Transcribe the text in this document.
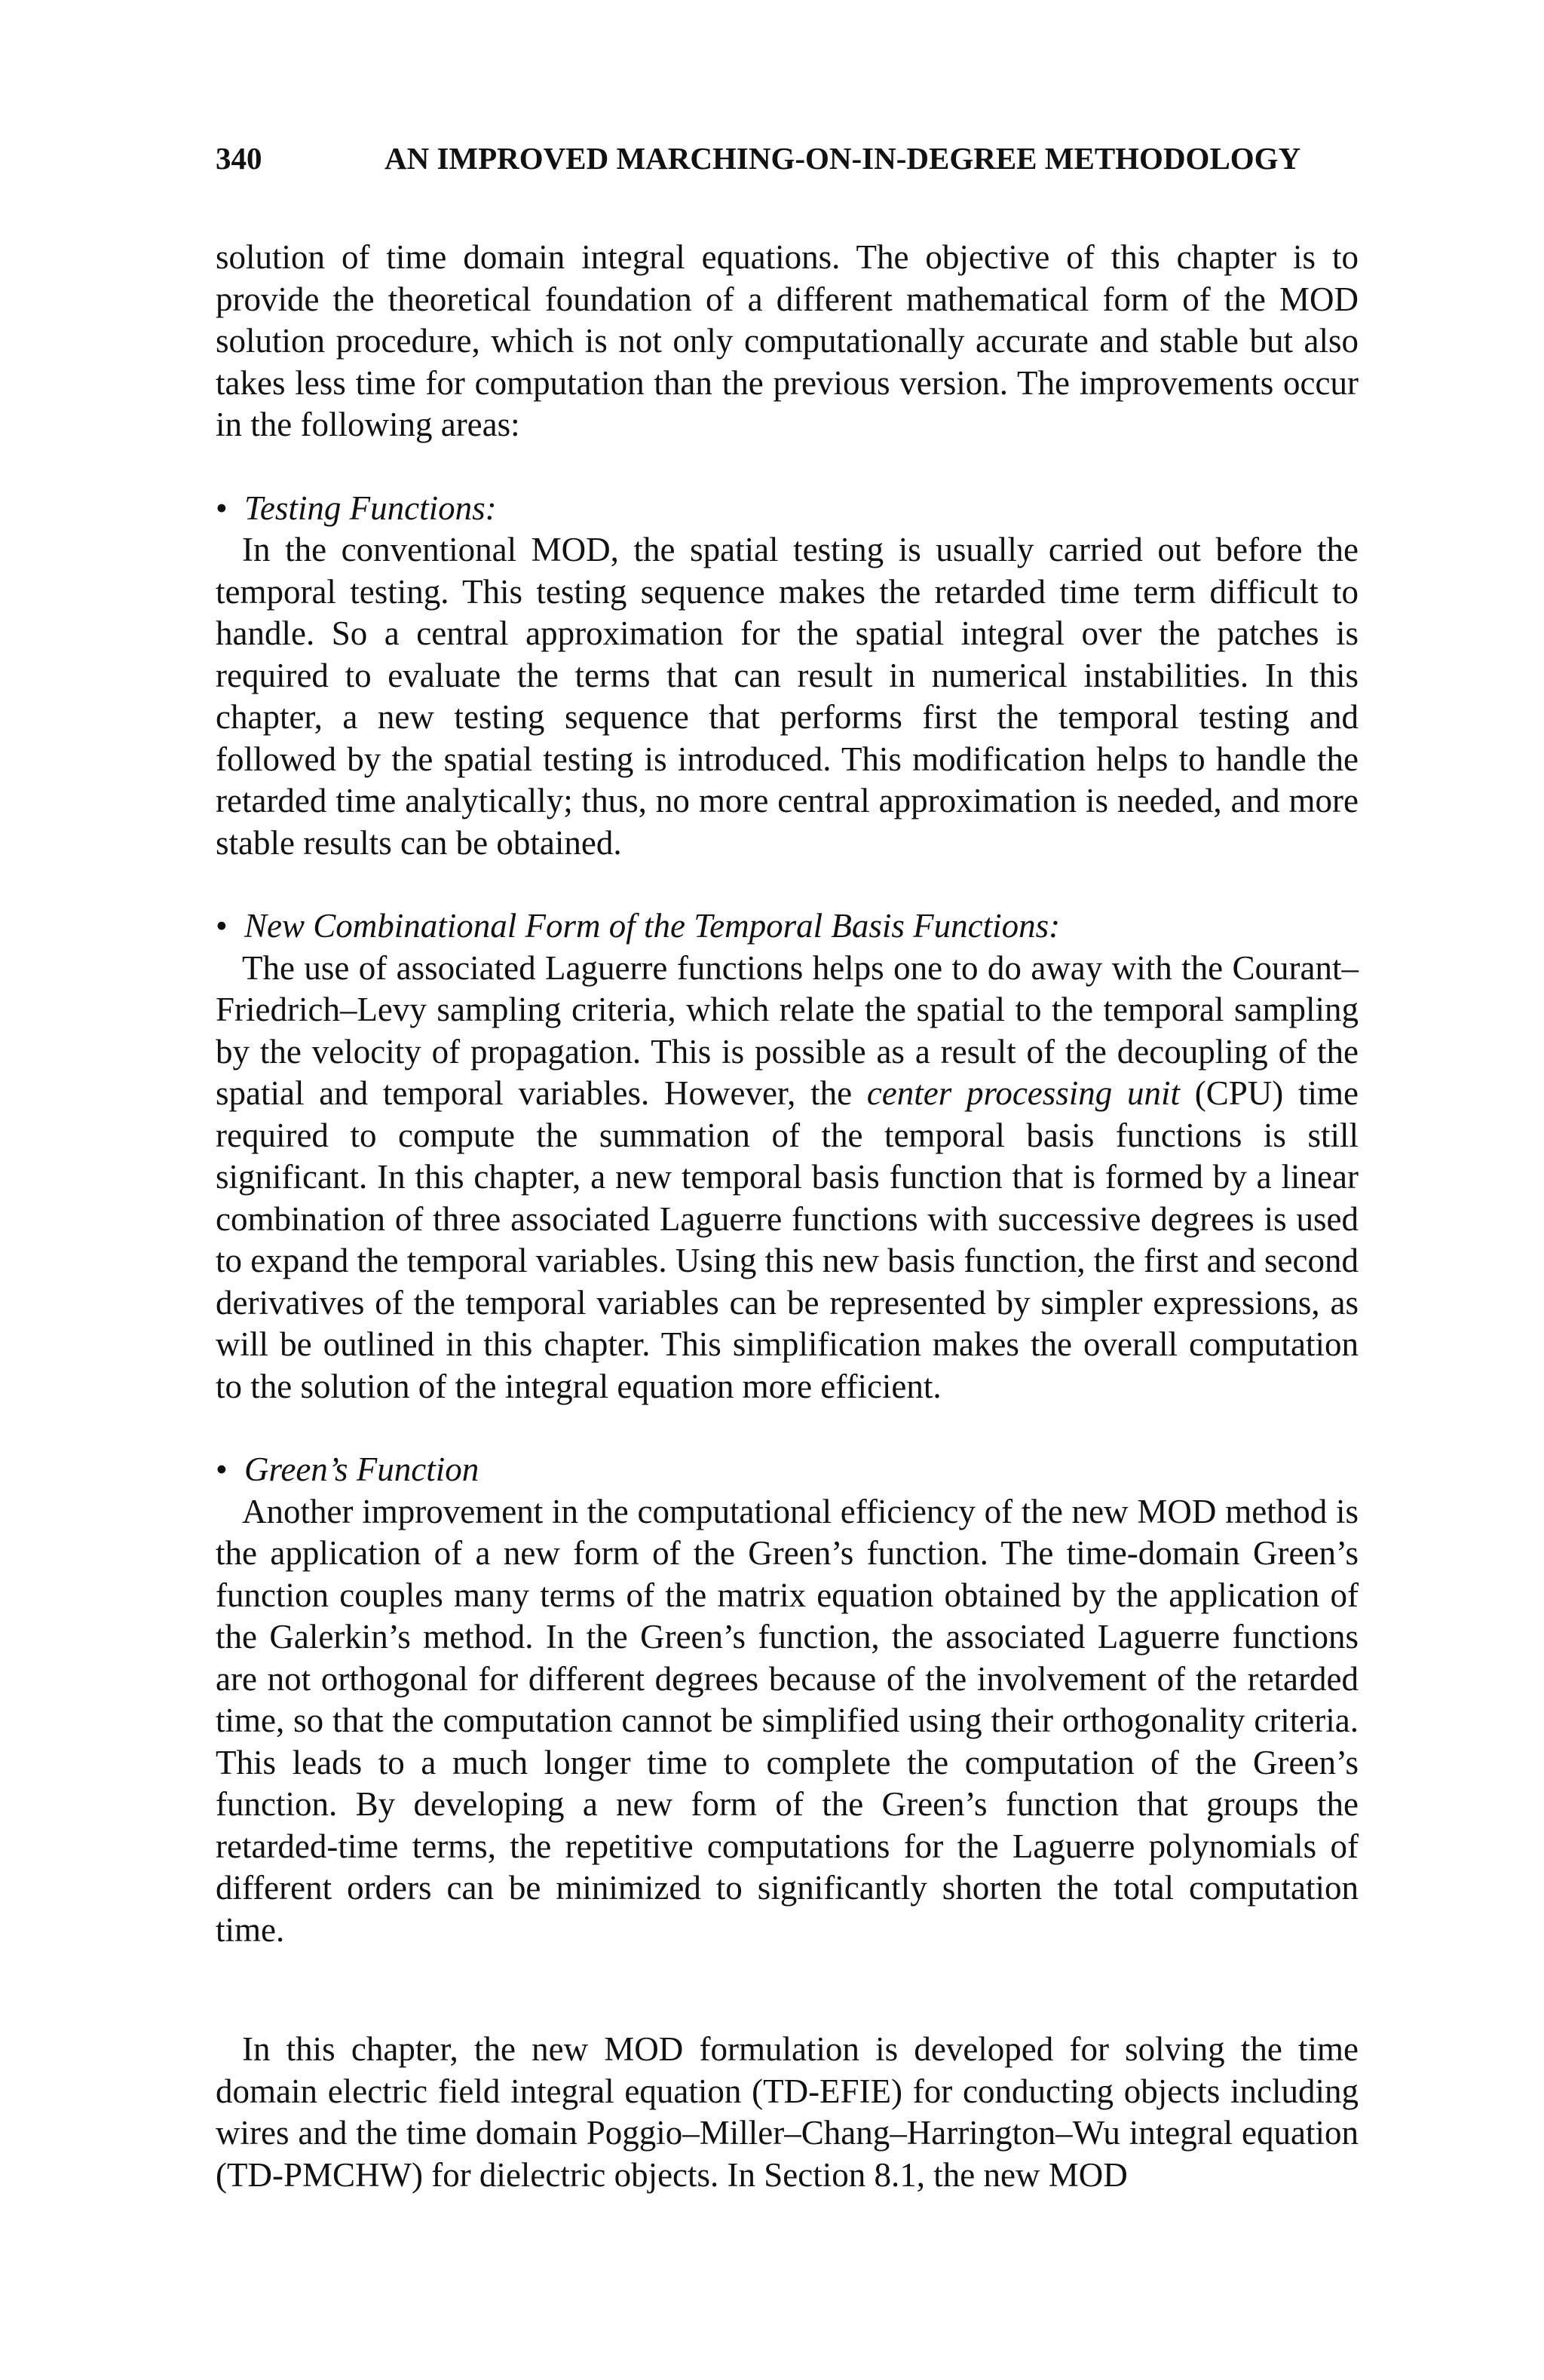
340	AN IMPROVED MARCHING-ON-IN-DEGREE METHODOLOGY

solution of time domain integral equations. The objective of this chapter is to provide the theoretical foundation of a different mathematical form of the MOD solution procedure, which is not only computationally accurate and stable but also takes less time for computation than the previous version. The improvements occur in the following areas:

• Testing Functions:

In the conventional MOD, the spatial testing is usually carried out before the temporal testing. This testing sequence makes the retarded time term difficult to handle. So a central approximation for the spatial integral over the patches is required to evaluate the terms that can result in numerical instabilities. In this chapter, a new testing sequence that performs first the temporal testing and followed by the spatial testing is introduced. This modification helps to handle the retarded time analytically; thus, no more central approximation is needed, and more stable results can be obtained.

• New Combinational Form of the Temporal Basis Functions:

The use of associated Laguerre functions helps one to do away with the Courant–Friedrich–Levy sampling criteria, which relate the spatial to the temporal sampling by the velocity of propagation. This is possible as a result of the decoupling of the spatial and temporal variables. However, the center processing unit (CPU) time required to compute the summation of the temporal basis functions is still significant. In this chapter, a new temporal basis function that is formed by a linear combination of three associated Laguerre functions with successive degrees is used to expand the temporal variables. Using this new basis function, the first and second derivatives of the temporal variables can be represented by simpler expressions, as will be outlined in this chapter. This simplification makes the overall computation to the solution of the integral equation more efficient.

• Green’s Function

Another improvement in the computational efficiency of the new MOD method is the application of a new form of the Green’s function. The time-domain Green’s function couples many terms of the matrix equation obtained by the application of the Galerkin’s method. In the Green’s function, the associated Laguerre functions are not orthogonal for different degrees because of the involvement of the retarded time, so that the computation cannot be simplified using their orthogonality criteria. This leads to a much longer time to complete the computation of the Green’s function. By developing a new form of the Green’s function that groups the retarded-time terms, the repetitive computations for the Laguerre polynomials of different orders can be minimized to significantly shorten the total computation time.

In this chapter, the new MOD formulation is developed for solving the time domain electric field integral equation (TD-EFIE) for conducting objects including wires and the time domain Poggio–Miller–Chang–Harrington–Wu integral equation (TD-PMCHW) for dielectric objects. In Section 8.1, the new MOD
